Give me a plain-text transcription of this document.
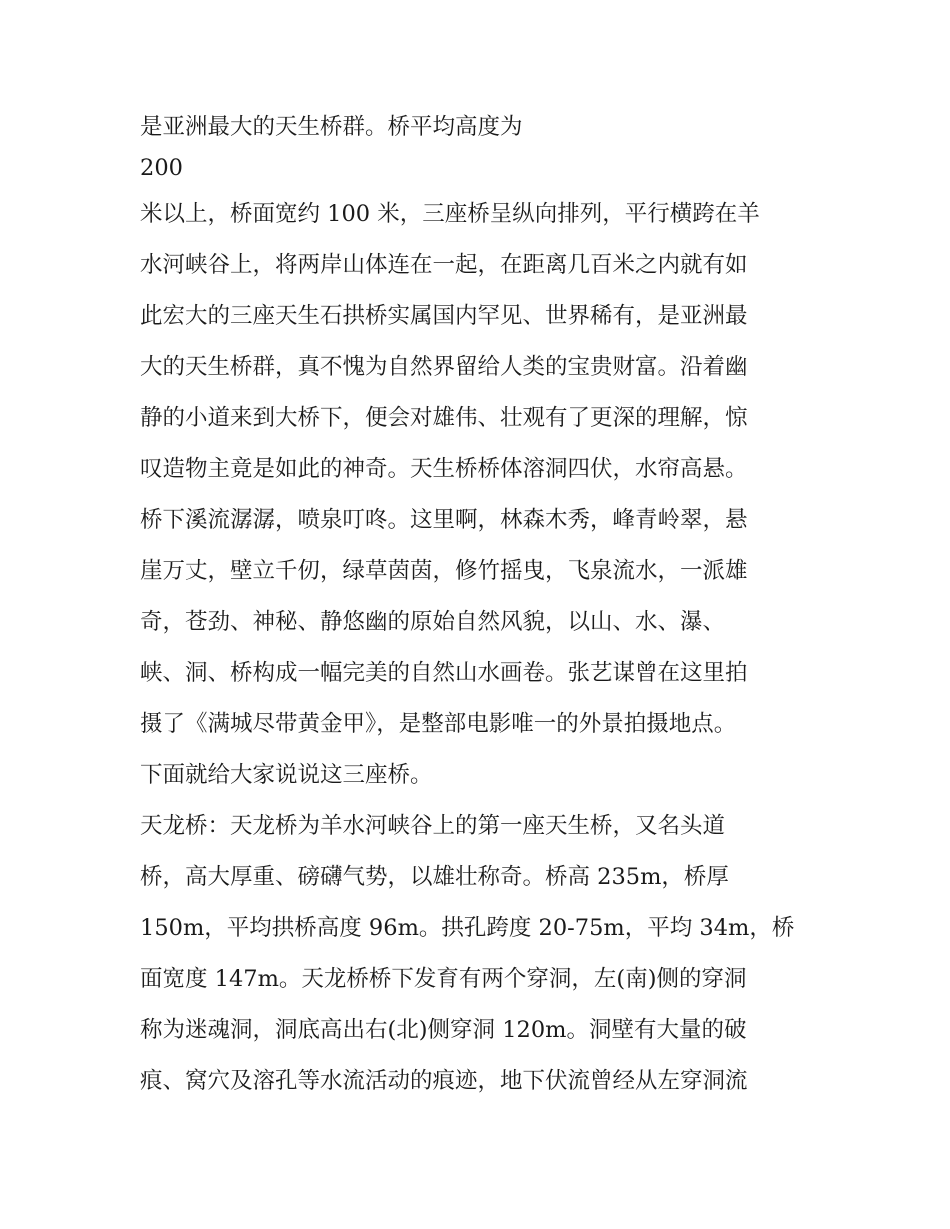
是亚洲最大的天生桥群。桥平均高度为
200
米以上，桥面宽约 100 米，三座桥呈纵向排列，平行横跨在羊
水河峡谷上，将两岸山体连在一起，在距离几百米之内就有如
此宏大的三座天生石拱桥实属国内罕见、世界稀有，是亚洲最
大的天生桥群，真不愧为自然界留给人类的宝贵财富。沿着幽
静的小道来到大桥下，便会对雄伟、壮观有了更深的理解，惊
叹造物主竟是如此的神奇。天生桥桥体溶洞四伏，水帘高悬。
桥下溪流潺潺，喷泉叮咚。这里啊，林森木秀，峰青岭翠，悬
崖万丈，壁立千仞，绿草茵茵，修竹摇曳，飞泉流水，一派雄
奇，苍劲、神秘、静悠幽的原始自然风貌，以山、水、瀑、
峡、洞、桥构成一幅完美的自然山水画卷。张艺谋曾在这里拍
摄了《满城尽带黄金甲》，是整部电影唯一的外景拍摄地点。
下面就给大家说说这三座桥。
天龙桥：天龙桥为羊水河峡谷上的第一座天生桥，又名头道
桥，高大厚重、磅礴气势，以雄壮称奇。桥高 235m，桥厚
150m，平均拱桥高度 96m。拱孔跨度 20-75m，平均 34m，桥
面宽度 147m。天龙桥桥下发育有两个穿洞，左(南)侧的穿洞
称为迷魂洞，洞底高出右(北)侧穿洞 120m。洞壁有大量的破
痕、窝穴及溶孔等水流活动的痕迹，地下伏流曾经从左穿洞流
